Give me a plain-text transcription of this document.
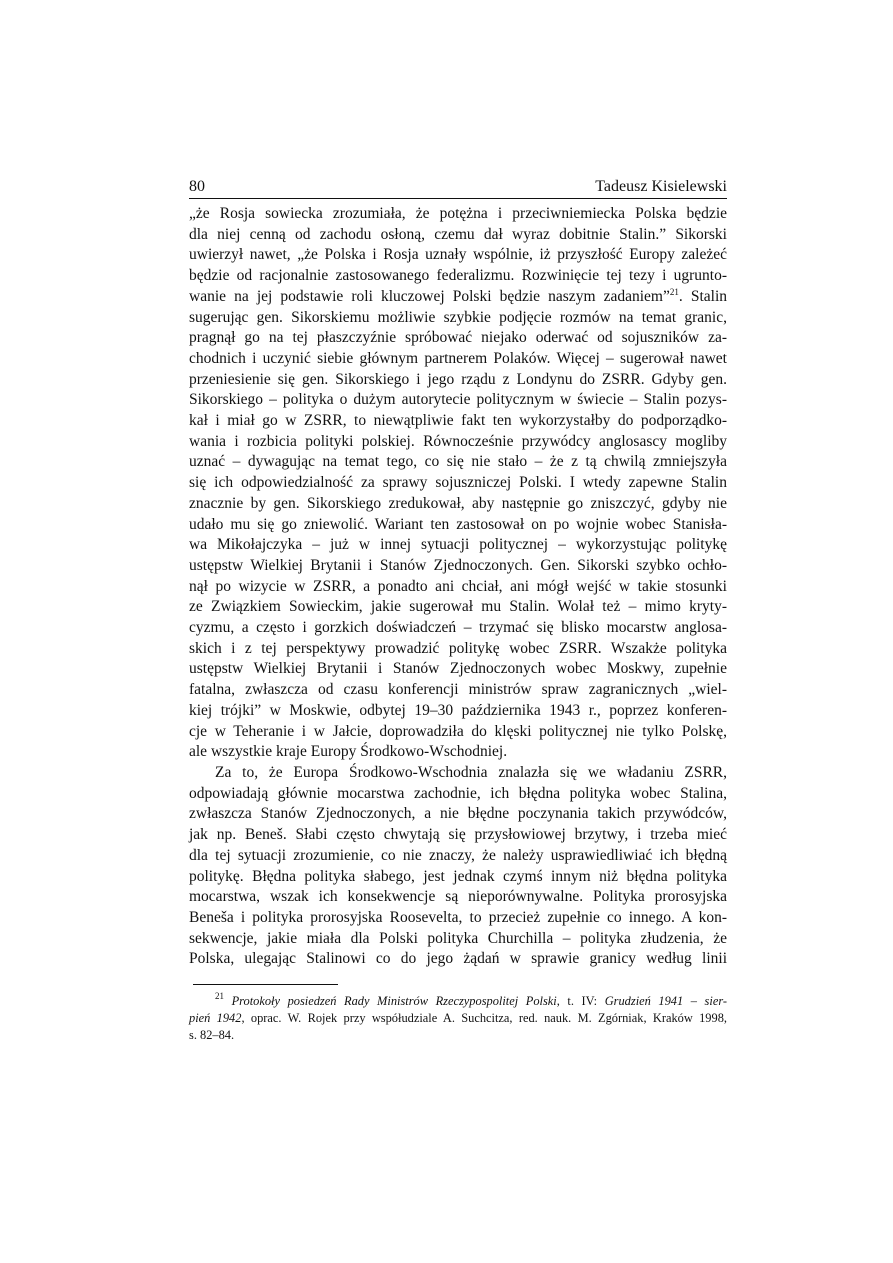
80	Tadeusz Kisielewski
„że Rosja sowiecka zrozumiała, że potężna i przeciwniemiecka Polska będzie
dla niej cenną od zachodu osłoną, czemu dał wyraz dobitnie Stalin.” Sikorski
uwierzył nawet, „że Polska i Rosja uznały wspólnie, iż przyszłość Europy zależeć
będzie od racjonalnie zastosowanego federalizmu. Rozwinięcie tej tezy i ugrunto-
wanie na jej podstawie roli kluczowej Polski będzie naszym zadaniem”$^{21}$. Stalin
sugerując gen. Sikorskiemu możliwie szybkie podjęcie rozmów na temat granic,
pragnął go na tej płaszczyźnie spróbować niejako oderwać od sojuszników za-
chodnich i uczynić siebie głównym partnerem Polaków. Więcej – sugerował nawet
przeniesienie się gen. Sikorskiego i jego rządu z Londynu do ZSRR. Gdyby gen.
Sikorskiego – polityka o dużym autorytecie politycznym w świecie – Stalin pozys-
kał i miał go w ZSRR, to niewątpliwie fakt ten wykorzystałby do podporządko-
wania i rozbicia polityki polskiej. Równocześnie przywódcy anglosascy mogliby
uznać – dywagując na temat tego, co się nie stało – że z tą chwilą zmniejszyła
się ich odpowiedzialność za sprawy sojuszniczej Polski. I wtedy zapewne Stalin
znacznie by gen. Sikorskiego zredukował, aby następnie go zniszczyć, gdyby nie
udało mu się go zniewolić. Wariant ten zastosował on po wojnie wobec Stanisła-
wa Mikołajczyka – już w innej sytuacji politycznej – wykorzystując politykę
ustępstw Wielkiej Brytanii i Stanów Zjednoczonych. Gen. Sikorski szybko ochło-
nął po wizycie w ZSRR, a ponadto ani chciał, ani mógł wejść w takie stosunki
ze Związkiem Sowieckim, jakie sugerował mu Stalin. Wolał też – mimo kryty-
cyzmu, a często i gorzkich doświadczeń – trzymać się blisko mocarstw anglosa-
skich i z tej perspektywy prowadzić politykę wobec ZSRR. Wszakże polityka
ustępstw Wielkiej Brytanii i Stanów Zjednoczonych wobec Moskwy, zupełnie
fatalna, zwłaszcza od czasu konferencji ministrów spraw zagranicznych „wiel-
kiej trójki” w Moskwie, odbytej 19–30 października 1943 r., poprzez konferen-
cje w Teheranie i w Jałcie, doprowadziła do klęski politycznej nie tylko Polskę,
ale wszystkie kraje Europy Środkowo-Wschodniej.
Za to, że Europa Środkowo-Wschodnia znalazła się we władaniu ZSRR,
odpowiadają głównie mocarstwa zachodnie, ich błędna polityka wobec Stalina,
zwłaszcza Stanów Zjednoczonych, a nie błędne poczynania takich przywódców,
jak np. Beneš. Słabi często chwytają się przysłowiowej brzytwy, i trzeba mieć
dla tej sytuacji zrozumienie, co nie znaczy, że należy usprawiedliwiać ich błędną
politykę. Błędna polityka słabego, jest jednak czymś innym niż błędna polityka
mocarstwa, wszak ich konsekwencje są nieporównywalne. Polityka prorosyjska
Beneša i polityka prorosyjska Roosevelta, to przecież zupełnie co innego. A kon-
sekwencje, jakie miała dla Polski polityka Churchilla – polityka złudzenia, że
Polska, ulegając Stalinowi co do jego żądań w sprawie granicy według linii
$^{21}$ Protokoły posiedzeń Rady Ministrów Rzeczypospolitej Polski, t. IV: Grudzień 1941 – sier-
pień 1942, oprac. W. Rojek przy współudziale A. Suchcitza, red. nauk. M. Zgórniak, Kraków 1998,
s. 82–84.
